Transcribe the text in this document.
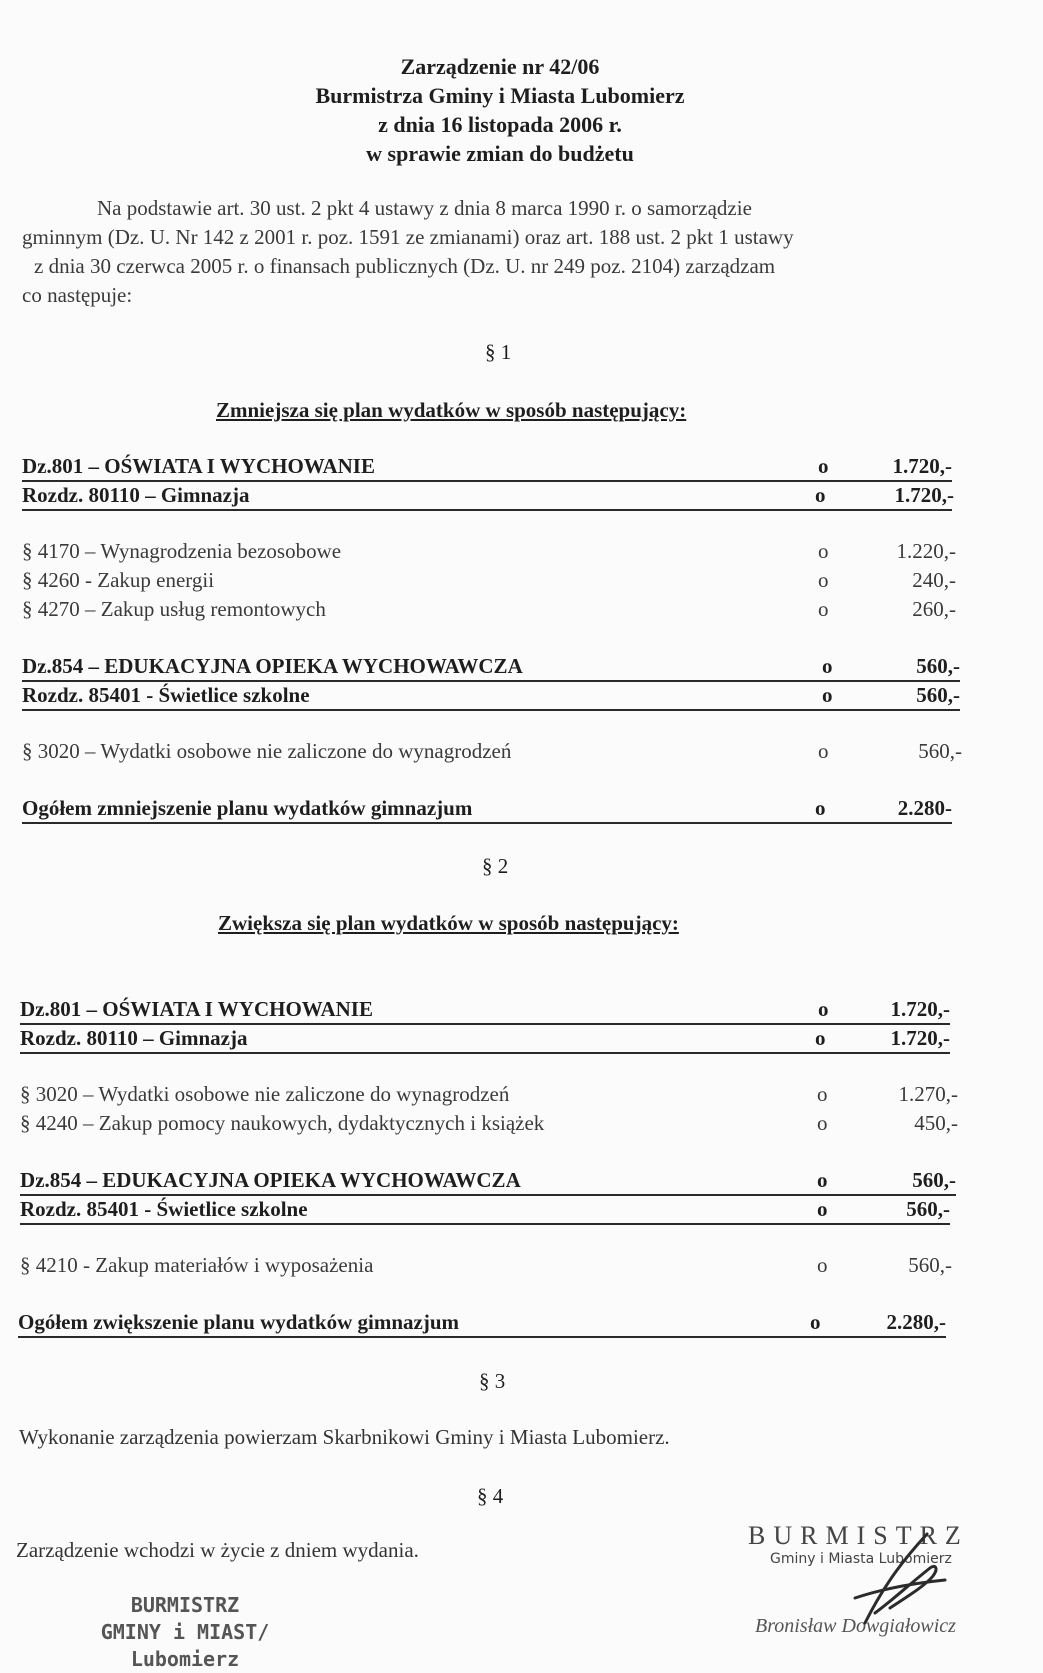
Zarządzenie nr 42/06
Burmistrza Gminy i Miasta Lubomierz
z dnia 16 listopada 2006 r.
w sprawie zmian do budżetu
Na podstawie art. 30 ust. 2 pkt 4 ustawy z dnia 8 marca 1990 r. o samorządzie
gminnym (Dz. U. Nr 142 z 2001 r. poz. 1591 ze zmianami) oraz art. 188 ust. 2 pkt 1 ustawy
z dnia 30 czerwca 2005 r. o finansach publicznych (Dz. U. nr 249 poz. 2104) zarządzam
co następuje:
§ 1
Zmniejsza się plan wydatków w sposób następujący:
Dz.801 – OŚWIATA I WYCHOWANIE	o	1.720,-
Rozdz. 80110 – Gimnazja	o	1.720,-
§ 4170 – Wynagrodzenia bezosobowe	o	1.220,-
§ 4260 - Zakup energii	o	240,-
§ 4270 – Zakup usług remontowych	o	260,-
Dz.854 – EDUKACYJNA OPIEKA WYCHOWAWCZA	o	560,-
Rozdz. 85401 - Świetlice szkolne	o	560,-
§ 3020 – Wydatki osobowe nie zaliczone do wynagrodzeń	o	560,-
Ogółem zmniejszenie planu wydatków gimnazjum	o	2.280-
§ 2
Zwiększa się plan wydatków w sposób następujący:
Dz.801 – OŚWIATA I WYCHOWANIE	o	1.720,-
Rozdz. 80110 – Gimnazja	o	1.720,-
§ 3020 – Wydatki osobowe nie zaliczone do wynagrodzeń	o	1.270,-
§ 4240 – Zakup pomocy naukowych, dydaktycznych i książek	o	450,-
Dz.854 – EDUKACYJNA OPIEKA WYCHOWAWCZA	o	560,-
Rozdz. 85401 - Świetlice szkolne	o	560,-
§ 4210 - Zakup materiałów i wyposażenia	o	560,-
Ogółem zwiększenie planu wydatków gimnazjum	o	2.280,-
§ 3
Wykonanie zarządzenia powierzam Skarbnikowi Gminy i Miasta Lubomierz.
§ 4
Zarządzenie wchodzi w życie z dniem wydania.
BURMISTRZ
GMINY i MIAST/
Lubomierz
BURMISTRZ
Gminy i Miasta Lubomierz
Bronisław Dowgiałowicz
